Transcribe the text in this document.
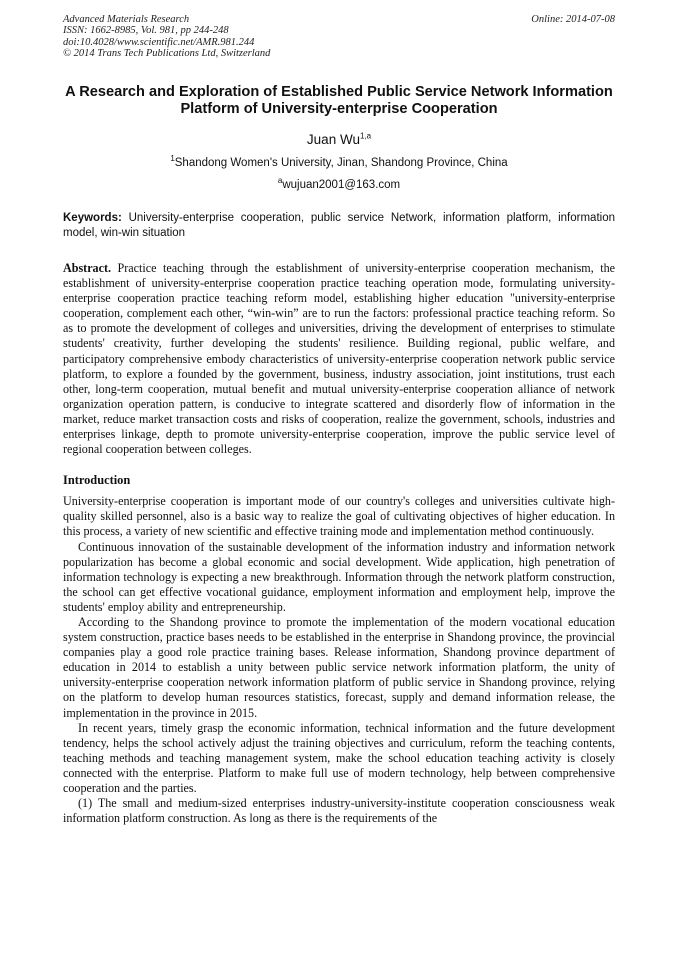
Advanced Materials Research
ISSN: 1662-8985, Vol. 981, pp 244-248
doi:10.4028/www.scientific.net/AMR.981.244
© 2014 Trans Tech Publications Ltd, Switzerland
Online: 2014-07-08
A Research and Exploration of Established Public Service Network Information Platform of University-enterprise Cooperation
Juan Wu$^{1,a}$
$^1$Shandong Women's University, Jinan, Shandong Province, China
$^a$wujuan2001@163.com
Keywords: University-enterprise cooperation, public service Network, information platform, information model, win-win situation
Abstract. Practice teaching through the establishment of university-enterprise cooperation mechanism, the establishment of university-enterprise cooperation practice teaching operation mode, formulating university-enterprise cooperation practice teaching reform model, establishing higher education "university-enterprise cooperation, complement each other, “win-win” are to run the factors: professional practice teaching reform. So as to promote the development of colleges and universities, driving the development of enterprises to stimulate students' creativity, further developing the students' resilience. Building regional, public welfare, and participatory comprehensive embody characteristics of university-enterprise cooperation network public service platform, to explore a founded by the government, business, industry association, joint institutions, trust each other, long-term cooperation, mutual benefit and mutual university-enterprise cooperation alliance of network organization operation pattern, is conducive to integrate scattered and disorderly flow of information in the market, reduce market transaction costs and risks of cooperation, realize the government, schools, industries and enterprises linkage, depth to promote university-enterprise cooperation, improve the public service level of regional cooperation between colleges.
Introduction

University-enterprise cooperation is important mode of our country's colleges and universities cultivate high-quality skilled personnel, also is a basic way to realize the goal of cultivating objectives of higher education. In this process, a variety of new scientific and effective training mode and implementation method continuously.

Continuous innovation of the sustainable development of the information industry and information network popularization has become a global economic and social development. Wide application, high penetration of information technology is expecting a new breakthrough. Information through the network platform construction, the school can get effective vocational guidance, employment information and employment help, improve the students' employ ability and entrepreneurship.

According to the Shandong province to promote the implementation of the modern vocational education system construction, practice bases needs to be established in the enterprise in Shandong province, the provincial companies play a good role practice training bases. Release information, Shandong province department of education in 2014 to establish a unity between public service network information platform, the unity of university-enterprise cooperation network information platform of public service in Shandong province, relying on the platform to develop human resources statistics, forecast, supply and demand information release, the implementation in the province in 2015.

In recent years, timely grasp the economic information, technical information and the future development tendency, helps the school actively adjust the training objectives and curriculum, reform the teaching contents, teaching methods and teaching management system, make the school education teaching activity is closely connected with the enterprise. Platform to make full use of modern technology, help between comprehensive cooperation and the parties.

(1) The small and medium-sized enterprises industry-university-institute cooperation consciousness weak information platform construction. As long as there is the requirements of the
